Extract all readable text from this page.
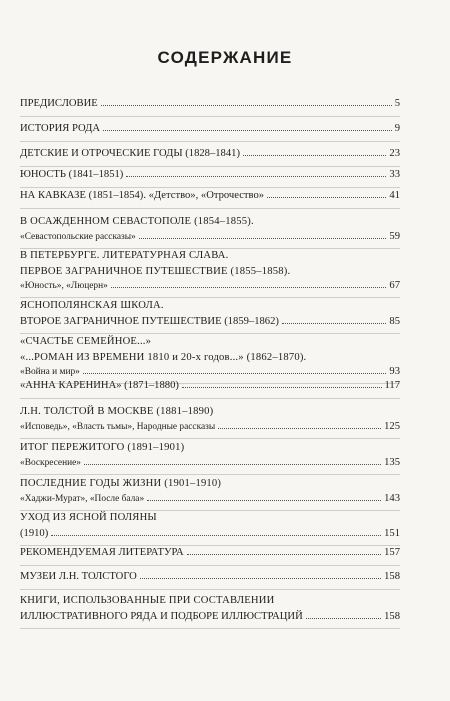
СОДЕРЖАНИЕ
ПРЕДИСЛОВИЕ	5
ИСТОРИЯ РОДА	9
ДЕТСКИЕ И ОТРОЧЕСКИЕ ГОДЫ (1828–1841)	23
ЮНОСТЬ (1841–1851)	33
НА КАВКАЗЕ (1851–1854). «Детство», «Отрочество»	41
В ОСАЖДЕННОМ СЕВАСТОПОЛЕ (1854–1855).
«Севастопольские рассказы»	59
В ПЕТЕРБУРГЕ. ЛИТЕРАТУРНАЯ СЛАВА.
ПЕРВОЕ ЗАГРАНИЧНОЕ ПУТЕШЕСТВИЕ (1855–1858).
«Юность», «Люцерн»	67
ЯСНОПОЛЯНСКАЯ ШКОЛА.
ВТОРОЕ ЗАГРАНИЧНОЕ ПУТЕШЕСТВИЕ (1859–1862)	85
«СЧАСТЬЕ СЕМЕЙНОЕ...»
«...РОМАН ИЗ ВРЕМЕНИ 1810 и 20-х годов...» (1862–1870).
«Война и мир»	93
«АННА КАРЕНИНА» (1871–1880)	117
Л.Н. ТОЛСТОЙ В МОСКВЕ (1881–1890)
«Исповедь», «Власть тьмы», Народные рассказы	125
ИТОГ ПЕРЕЖИТОГО (1891–1901)
«Воскресение»	135
ПОСЛЕДНИЕ ГОДЫ ЖИЗНИ (1901–1910)
«Хаджи-Мурат», «После бала»	143
УХОД ИЗ ЯСНОЙ ПОЛЯНЫ
(1910)	151
РЕКОМЕНДУЕМАЯ ЛИТЕРАТУРА	157
МУЗЕИ Л.Н. ТОЛСТОГО	158
КНИГИ, ИСПОЛЬЗОВАННЫЕ ПРИ СОСТАВЛЕНИИ
ИЛЛЮСТРАТИВНОГО РЯДА И ПОДБОРЕ ИЛЛЮСТРАЦИЙ	158
